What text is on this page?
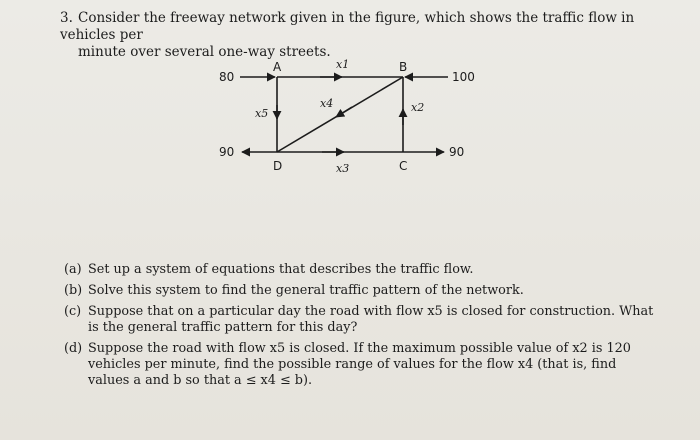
3. Consider the freeway network given in the figure, which shows the traffic flow in vehicles per
minute over several one-way streets.
A	B
C
D
80	100
90	90
x1
x2
x3
x4
x5
(a) Set up a system of equations that describes the traffic flow.
(b) Solve this system to find the general traffic pattern of the network.
(c) Suppose that on a particular day the road with flow x5 is closed for construction. What is the general traffic pattern for this day?
(d) Suppose the road with flow x5 is closed. If the maximum possible value of x2 is 120 vehicles per minute, find the possible range of values for the flow x4 (that is, find values a and b so that a ≤ x4 ≤ b).
